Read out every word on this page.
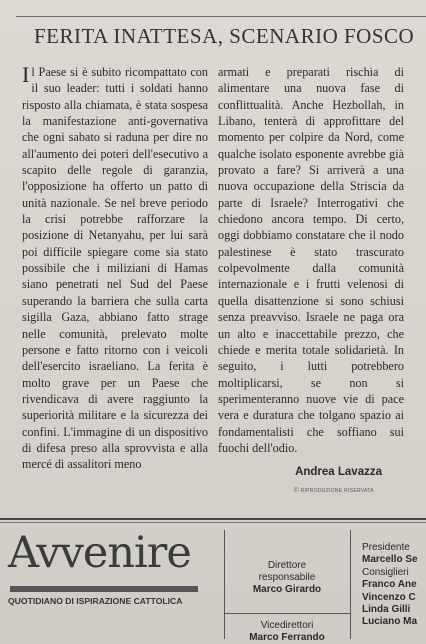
FERITA INATTESA, SCENARIO FOSCO

Il Paese si è subito ricompattato con il suo leader: tutti i soldati hanno risposto alla chiamata, è stata sospesa la manifestazione anti-governativa che ogni sabato si raduna per dire no all'aumento dei poteri dell'esecutivo a scapito delle regole di garanzia, l'opposizione ha offerto un patto di unità nazionale. Se nel breve periodo la crisi potrebbe rafforzare la posizione di Netanyahu, per lui sarà poi difficile spiegare come sia stato possibile che i miliziani di Hamas siano penetrati nel Sud del Paese superando la barriera che sulla carta sigilla Gaza, abbiano fatto strage nelle comunità, prelevato molte persone e fatto ritorno con i veicoli dell'esercito israeliano. La ferita è molto grave per un Paese che rivendicava di avere raggiunto la superiorità militare e la sicurezza dei confini. L'immagine di un dispositivo di difesa preso alla sprovvista e alla mercé di assalitori meno

armati e preparati rischia di alimentare una nuova fase di conflittualità. Anche Hezbollah, in Libano, tenterà di approfittare del momento per colpire da Nord, come qualche isolato esponente avrebbe già provato a fare? Si arriverà a una nuova occupazione della Striscia da parte di Israele? Interrogativi che chiedono ancora tempo. Di certo, oggi dobbiamo constatare che il nodo palestinese è stato trascurato colpevolmente dalla comunità internazionale e i frutti velenosi di quella disattenzione si sono schiusi senza preavviso. Israele ne paga ora un alto e inaccettabile prezzo, che chiede e merita totale solidarietà. In seguito, i lutti potrebbero moltiplicarsi, se non si sperimenteranno nuove vie di pace vera e duratura che tolgano spazio ai fondamentalisti che soffiano sui fuochi dell'odio.

Andrea Lavazza
© RIPRODUZIONE RISERVATA
Avvenire
QUOTIDIANO DI ISPIRAZIONE CATTOLICA
Direttore
responsabile
Marco Girardo
Vicedirettori
Marco Ferrando
Presidente
Marcello Se
Consiglieri
Franco Ane
Vincenzo C
Linda Gilli
Luciano Ma
